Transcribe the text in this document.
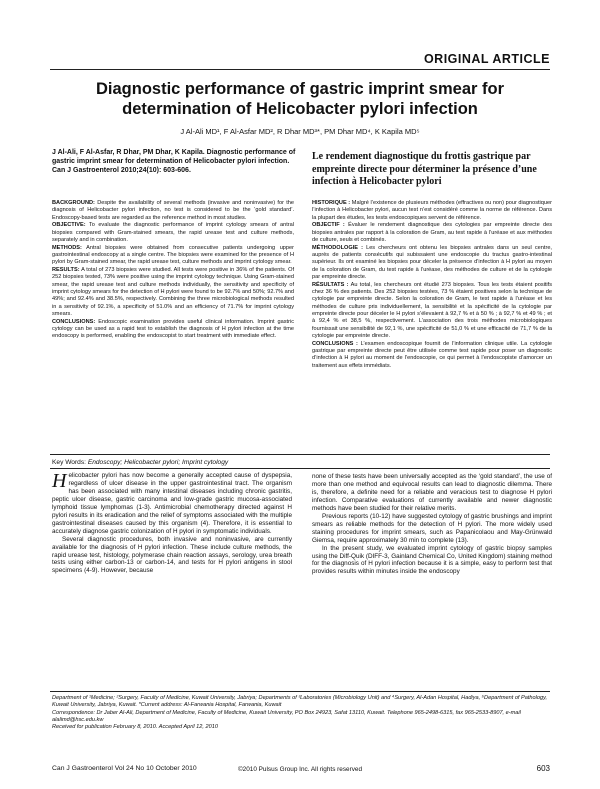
ORIGINAL ARTICLE
Diagnostic performance of gastric imprint smear for determination of Helicobacter pylori infection
J Al-Ali MD¹, F Al-Asfar MD², R Dhar MD³*, PM Dhar MD⁴, K Kapila MD⁵
J Al-Ali, F Al-Asfar, R Dhar, PM Dhar, K Kapila. Diagnostic performance of gastric imprint smear for determination of Helicobacter pylori infection. Can J Gastroenterol 2010;24(10): 603-606.
Le rendement diagnostique du frottis gastrique par empreinte directe pour déterminer la présence d’une infection à Helicobacter pylori

BACKGROUND: Despite the availability of several methods (invasive and noninvasive) for the diagnosis of Helicobacter pylori infection, no test is considered to be the ‘gold standard’. Endoscopy-based tests are regarded as the reference method in most studies.

OBJECTIVE: To evaluate the diagnostic performance of imprint cytology smears of antral biopsies compared with Gram-stained smears, the rapid urease test and culture methods, separately and in combination.

METHODS: Antral biopsies were obtained from consecutive patients undergoing upper gastrointestinal endoscopy at a single centre. The biopsies were examined for the presence of H pylori by Gram-stained smear, the rapid urease test, culture methods and imprint cytology smear.

RESULTS: A total of 273 biopsies were studied. All tests were positive in 36% of the patients. Of 252 biopsies tested, 73% were positive using the imprint cytology technique. Using Gram-stained smear, the rapid urease test and culture methods individually, the sensitivity and specificity of imprint cytology smears for the detection of H pylori were found to be 92.7% and 50%; 92.7% and 49%; and 92.4% and 38.5%, respectively. Combining the three microbiological methods resulted in a sensitivity of 92.1%, a specificity of 51.0% and an efficiency of 71.7% for imprint cytology smears.

CONCLUSIONS: Endoscopic examination provides useful clinical information. Imprint gastric cytology can be used as a rapid test to establish the diagnosis of H pylori infection at the time endoscopy is performed, enabling the endoscopist to start treatment with immediate effect.

HISTORIQUE : Malgré l’existence de plusieurs méthodes (effractives ou non) pour diagnostiquer l’infection à Helicobacter pylori, aucun test n’est considéré comme la norme de référence. Dans la plupart des études, les tests endoscopiques servent de référence.

OBJECTIF : Évaluer le rendement diagnostique des cytologies par empreinte directe des biopsies antrales par rapport à la coloration de Gram, au test rapide à l’uréase et aux méthodes de culture, seuls et combinés.

MÉTHODOLOGIE : Les chercheurs ont obtenu les biopsies antrales dans un seul centre, auprès de patients consécutifs qui subissaient une endoscopie du tractus gastro-intestinal supérieur. Ils ont examiné les biopsies pour déceler la présence d’infection à H pylori au moyen de la coloration de Gram, du test rapide à l’uréase, des méthodes de culture et de la cytologie par empreinte directe.

RÉSULTATS : Au total, les chercheurs ont étudié 273 biopsies. Tous les tests étaient positifs chez 36 % des patients. Des 252 biopsies testées, 73 % étaient positives selon la technique de cytologie par empreinte directe. Selon la coloration de Gram, le test rapide à l’uréase et les méthodes de culture pris individuellement, la sensibilité et la spécificité de la cytologie par empreinte directe pour déceler le H pylori s’élevaient à 92,7 % et à 50 % ; à 92,7 % et 49 % ; et à 92,4 % et 38,5 %, respectivement. L’association des trois méthodes microbiologiques fournissait une sensibilité de 92,1 %, une spécificité de 51,0 % et une efficacité de 71,7 % de la cytologie par empreinte directe.

CONCLUSIONS : L’examen endoscopique fournit de l’information clinique utile. La cytologie gastrique par empreinte directe peut être utilisée comme test rapide pour poser un diagnostic d’infection à H pylori au moment de l’endoscopie, ce qui permet à l’endoscopiste d’amorcer un traitement aux effets immédiats.

Key Words: Endoscopy; Helicobacter pylori; Imprint cytology

Helicobacter pylori has now become a generally accepted cause of dyspepsia, regardless of ulcer disease in the upper gastrointestinal tract. The organism has been associated with many intestinal diseases including chronic gastritis, peptic ulcer disease, gastric carcinoma and low-grade gastric mucosa-associated lymphoid tissue lymphomas (1-3). Antimicrobial chemotherapy directed against H pylori results in its eradication and the relief of symptoms associated with the multiple gastrointestinal diseases caused by this organism (4). Therefore, it is essential to accurately diagnose gastric colonization of H pylori in symptomatic individuals.

Several diagnostic procedures, both invasive and noninvasive, are currently available for the diagnosis of H pylori infection. These include culture methods, the rapid urease test, histology, polymerase chain reaction assays, serology, urea breath tests using either carbon-13 or carbon-14, and tests for H pylori antigens in stool specimens (4-9). However, because

none of these tests have been universally accepted as the ‘gold standard’, the use of more than one method and equivocal results can lead to diagnostic dilemma. There is, therefore, a definite need for a reliable and veracious test to diagnose H pylori infection. Comparative evaluations of currently available and newer diagnostic methods have been studied for their relative merits.

Previous reports (10-12) have suggested cytology of gastric brushings and imprint smears as reliable methods for the detection of H pylori. The more widely used staining procedures for imprint smears, such as Papanicolaou and May-Grünwald Giemsa, require approximately 30 min to complete (13).

In the present study, we evaluated imprint cytology of gastric biopsy samples using the Diff-Quik (DIFF-3, Gainland Chemical Co, United Kingdom) staining method for the diagnosis of H pylori infection because it is a simple, easy to perform test that provides results within minutes inside the endoscopy

Department of ¹Medicine; ²Surgery, Faculty of Medicine, Kuwait University, Jabriya; Departments of ³Laboratories (Microbiology Unit) and ⁴Surgery, Al-Adan Hospital, Hadiya, ⁵Department of Pathology, Kuwait University, Jabriya, Kuwait. *Current address: Al-Farwania Hospital, Farwania, Kuwait

Correspondence: Dr Jaber Al-Ali, Department of Medicine, Faculty of Medicine, Kuwait University, PO Box 24923, Safat 13110, Kuwait. Telephone 965-2498-6315, fax 965-2533-8907, e-mail alalimd@hsc.edu.kw

Received for publication February 8, 2010. Accepted April 12, 2010

Can J Gastroenterol Vol 24 No 10 October 2010	©2010 Pulsus Group Inc. All rights reserved	603
